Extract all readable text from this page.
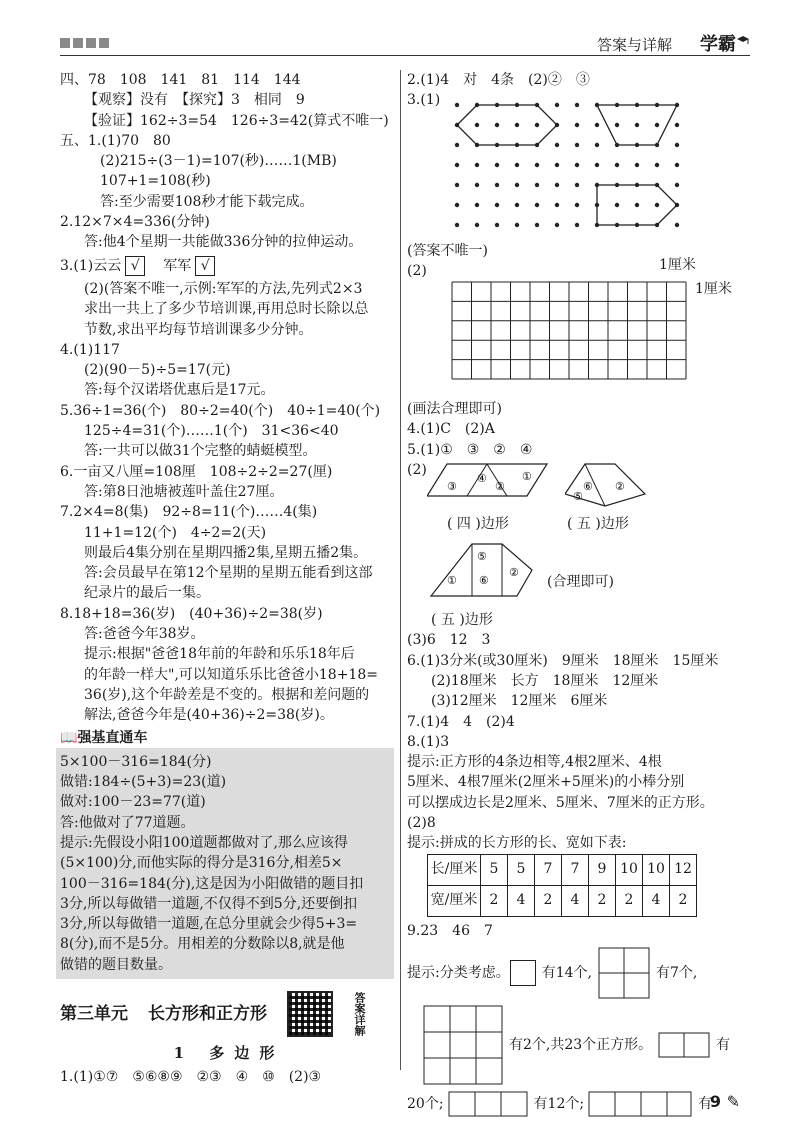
答案与详解 学霸
四、78　108　141　81　114　144
【观察】没有　【探究】3　相同　9
【验证】162÷3=54　126÷3=42(算式不唯一)
五、1.(1)70　80
(2)215÷(3－1)=107(秒)……1(MB)
107+1=108(秒)
答:至少需要108秒才能下载完成。
2.12×7×4=336(分钟)
答:他4个星期一共能做336分钟的拉伸运动。
3.(1)云云 √　 军军 √
(2)(答案不唯一,示例:军军的方法,先列式2×3
求出一共上了多少节培训课,再用总时长除以总
节数,求出平均每节培训课多少分钟。
4.(1)117
(2)(90－5)÷5=17(元)
答:每个汉诺塔优惠后是17元。
5.36÷1=36(个)　80÷2=40(个)　40÷1=40(个)
125÷4=31(个)……1(个)　31<36<40
答:一共可以做31个完整的蜻蜓模型。
6.一亩又八厘=108厘　108÷2÷2=27(厘)
答:第8日池塘被莲叶盖住27厘。
7.2×4=8(集)　92÷8=11(个)……4(集)
11+1=12(个)　4÷2=2(天)
则最后4集分别在星期四播2集,星期五播2集。
答:会员最早在第12个星期的星期五能看到这部
纪录片的最后一集。
8.18+18=36(岁)　(40+36)÷2=38(岁)
答:爸爸今年38岁。
提示:根据"爸爸18年前的年龄和乐乐18年后
的年龄一样大",可以知道乐乐比爸爸小18+18=
36(岁),这个年龄差是不变的。根据和差问题的
解法,爸爸今年是(40+36)÷2=38(岁)。
📖强基直通车
5×100－316=184(分)
做错:184÷(5+3)=23(道)
做对:100－23=77(道)
答:他做对了77道题。
提示:先假设小阳100道题都做对了,那么应该得
(5×100)分,而他实际的得分是316分,相差5×
100－316=184(分),这是因为小阳做错的题目扣
3分,所以每做错一道题,不仅得不到5分,还要倒扣
3分,所以每做错一道题,在总分里就会少得5+3=
8(分),而不是5分。用相差的分数除以8,就是他
做错的题目数量。
第三单元 长方形和正方形	答案详解
1 多边形
1.(1)①⑦　⑤⑥⑧⑨　②③　④　⑩　(2)③
2.(1)4　对　4条　(2)②　③
3.(1)
(答案不唯一)
(2)	1厘米
1厘米
(画法合理即可)
4.(1)C　(2)A
5.(1)①　③　②　④
(2)
④
②
③
①
⑥ ②
⑤
( 四 )边形	( 五 )边形
⑤
① ⑥
②
(合理即可)
( 五 )边形
(3)6　12　3
6.(1)3分米(或30厘米)　9厘米　18厘米　15厘米
(2)18厘米　长方　18厘米　12厘米
(3)12厘米　12厘米　6厘米
7.(1)4　4　(2)4
8.(1)3
提示:正方形的4条边相等,4根2厘米、4根
5厘米、4根7厘米(2厘米+5厘米)的小棒分别
可以摆成边长是2厘米、5厘米、7厘米的正方形。
(2)8
提示:拼成的长方形的长、宽如下表:
长/厘米	5	5	7	7	9	10	10	12
宽/厘米	2	4	2	4	2	2	4	2
9.23　46　7
提示:分类考虑。 有14个,	有7个,
有2个,共23个正方形。	有
20个;	有12个;	有
9 ✎
